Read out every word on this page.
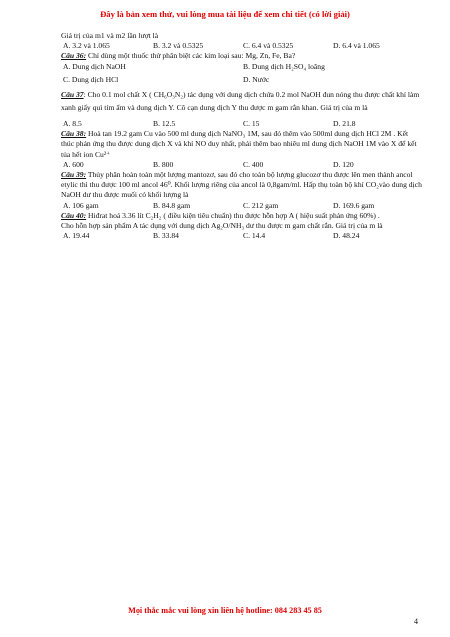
Đây là bản xem thử, vui lòng mua tài liệu để xem chi tiết (có lời giải)
Giá trị của m1 và m2 lần lượt là
A. 3.2 và 1.065	B. 3.2 và 0.5325	C. 6.4 và 0.5325	D. 6.4 và 1.065
Câu 36: Chỉ dùng một thuốc thử phân biệt các kim loại sau: Mg, Zn, Fe, Ba?
A. Dung dịch NaOH	B. Dung dịch H₂SO₄ loãng
C. Dung dịch HCl	D. Nước
Câu 37: Cho 0.1 mol chất X ( CH₆O₃N₂) tác dụng với dung dịch chứa 0.2 mol NaOH đun nóng thu được chất khí làm xanh giấy quì tím ẩm và dung dịch Y. Cô cạn dung dịch Y thu được m gam rắn khan. Giá trị của m là
A. 8.5	B. 12.5	C. 15	D. 21.8
Câu 38: Hoà tan 19.2 gam Cu vào 500 ml dung dịch NaNO₃ 1M, sau đó thêm vào 500ml dung dịch HCl 2M . Kết thúc phản ứng thu được dung dịch X và khí NO duy nhất, phải thêm bao nhiêu ml dung dịch NaOH 1M vào X để kết tủa hết ion Cu²⁺
A. 600	B. 800	C. 400	D. 120
Câu 39: Thủy phân hoàn toàn một lượng mantozơ, sau đó cho toàn bộ lượng glucozơ thu được lên men thành ancol etylic thì thu được 100 ml ancol 46⁰. Khối lượng riêng của ancol là 0,8gam/ml. Hấp thụ toàn bộ khí CO₂vào dung dịch NaOH dư thu được muối có khối lượng là
A. 106 gam	B. 84.8 gam	C. 212 gam	D. 169.6 gam
Câu 40: Hiđrat hoá 3.36 lít C₂H₂ ( điều kiện tiêu chuẩn) thu được hỗn hợp A ( hiệu suất phản ứng 60%) .
Cho hỗn hợp sản phẩm A tác dụng với dung dịch Ag₂O/NH₃ dư thu được m gam chất rắn. Giá trị của m là
A. 19.44	B. 33.84	C. 14.4	D. 48.24
Mọi thắc mắc vui lòng xin liên hệ hotline: 084 283 45 85
4
